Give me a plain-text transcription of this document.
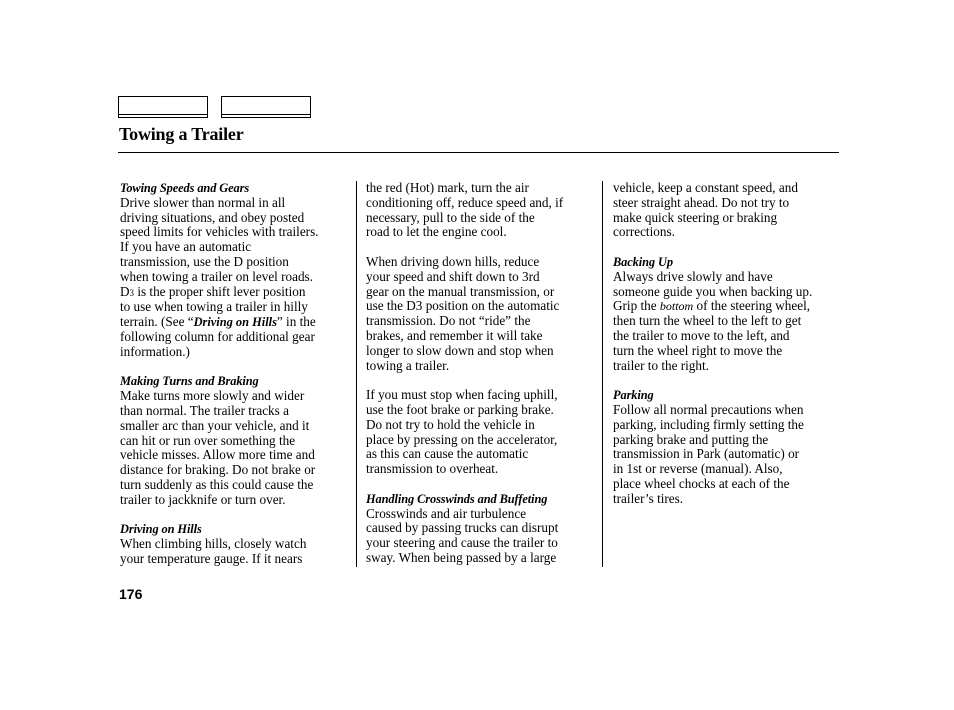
Towing a Trailer
Towing Speeds and Gears
Drive slower than normal in all
driving situations, and obey posted
speed limits for vehicles with trailers.
If you have an automatic
transmission, use the D position
when towing a trailer on level roads.
D3 is the proper shift lever position
to use when towing a trailer in hilly
terrain. (See “Driving on Hills” in the
following column for additional gear
information.)
Making Turns and Braking
Make turns more slowly and wider
than normal. The trailer tracks a
smaller arc than your vehicle, and it
can hit or run over something the
vehicle misses. Allow more time and
distance for braking. Do not brake or
turn suddenly as this could cause the
trailer to jackknife or turn over.
Driving on Hills
When climbing hills, closely watch
your temperature gauge. If it nears
the red (Hot) mark, turn the air
conditioning off, reduce speed and, if
necessary, pull to the side of the
road to let the engine cool.
When driving down hills, reduce
your speed and shift down to 3rd
gear on the manual transmission, or
use the D3 position on the automatic
transmission. Do not “ride” the
brakes, and remember it will take
longer to slow down and stop when
towing a trailer.
If you must stop when facing uphill,
use the foot brake or parking brake.
Do not try to hold the vehicle in
place by pressing on the accelerator,
as this can cause the automatic
transmission to overheat.
Handling Crosswinds and Buffeting
Crosswinds and air turbulence
caused by passing trucks can disrupt
your steering and cause the trailer to
sway. When being passed by a large
vehicle, keep a constant speed, and
steer straight ahead. Do not try to
make quick steering or braking
corrections.
Backing Up
Always drive slowly and have
someone guide you when backing up.
Grip the bottom of the steering wheel,
then turn the wheel to the left to get
the trailer to move to the left, and
turn the wheel right to move the
trailer to the right.
Parking
Follow all normal precautions when
parking, including firmly setting the
parking brake and putting the
transmission in Park (automatic) or
in 1st or reverse (manual). Also,
place wheel chocks at each of the
trailer’s tires.
176
